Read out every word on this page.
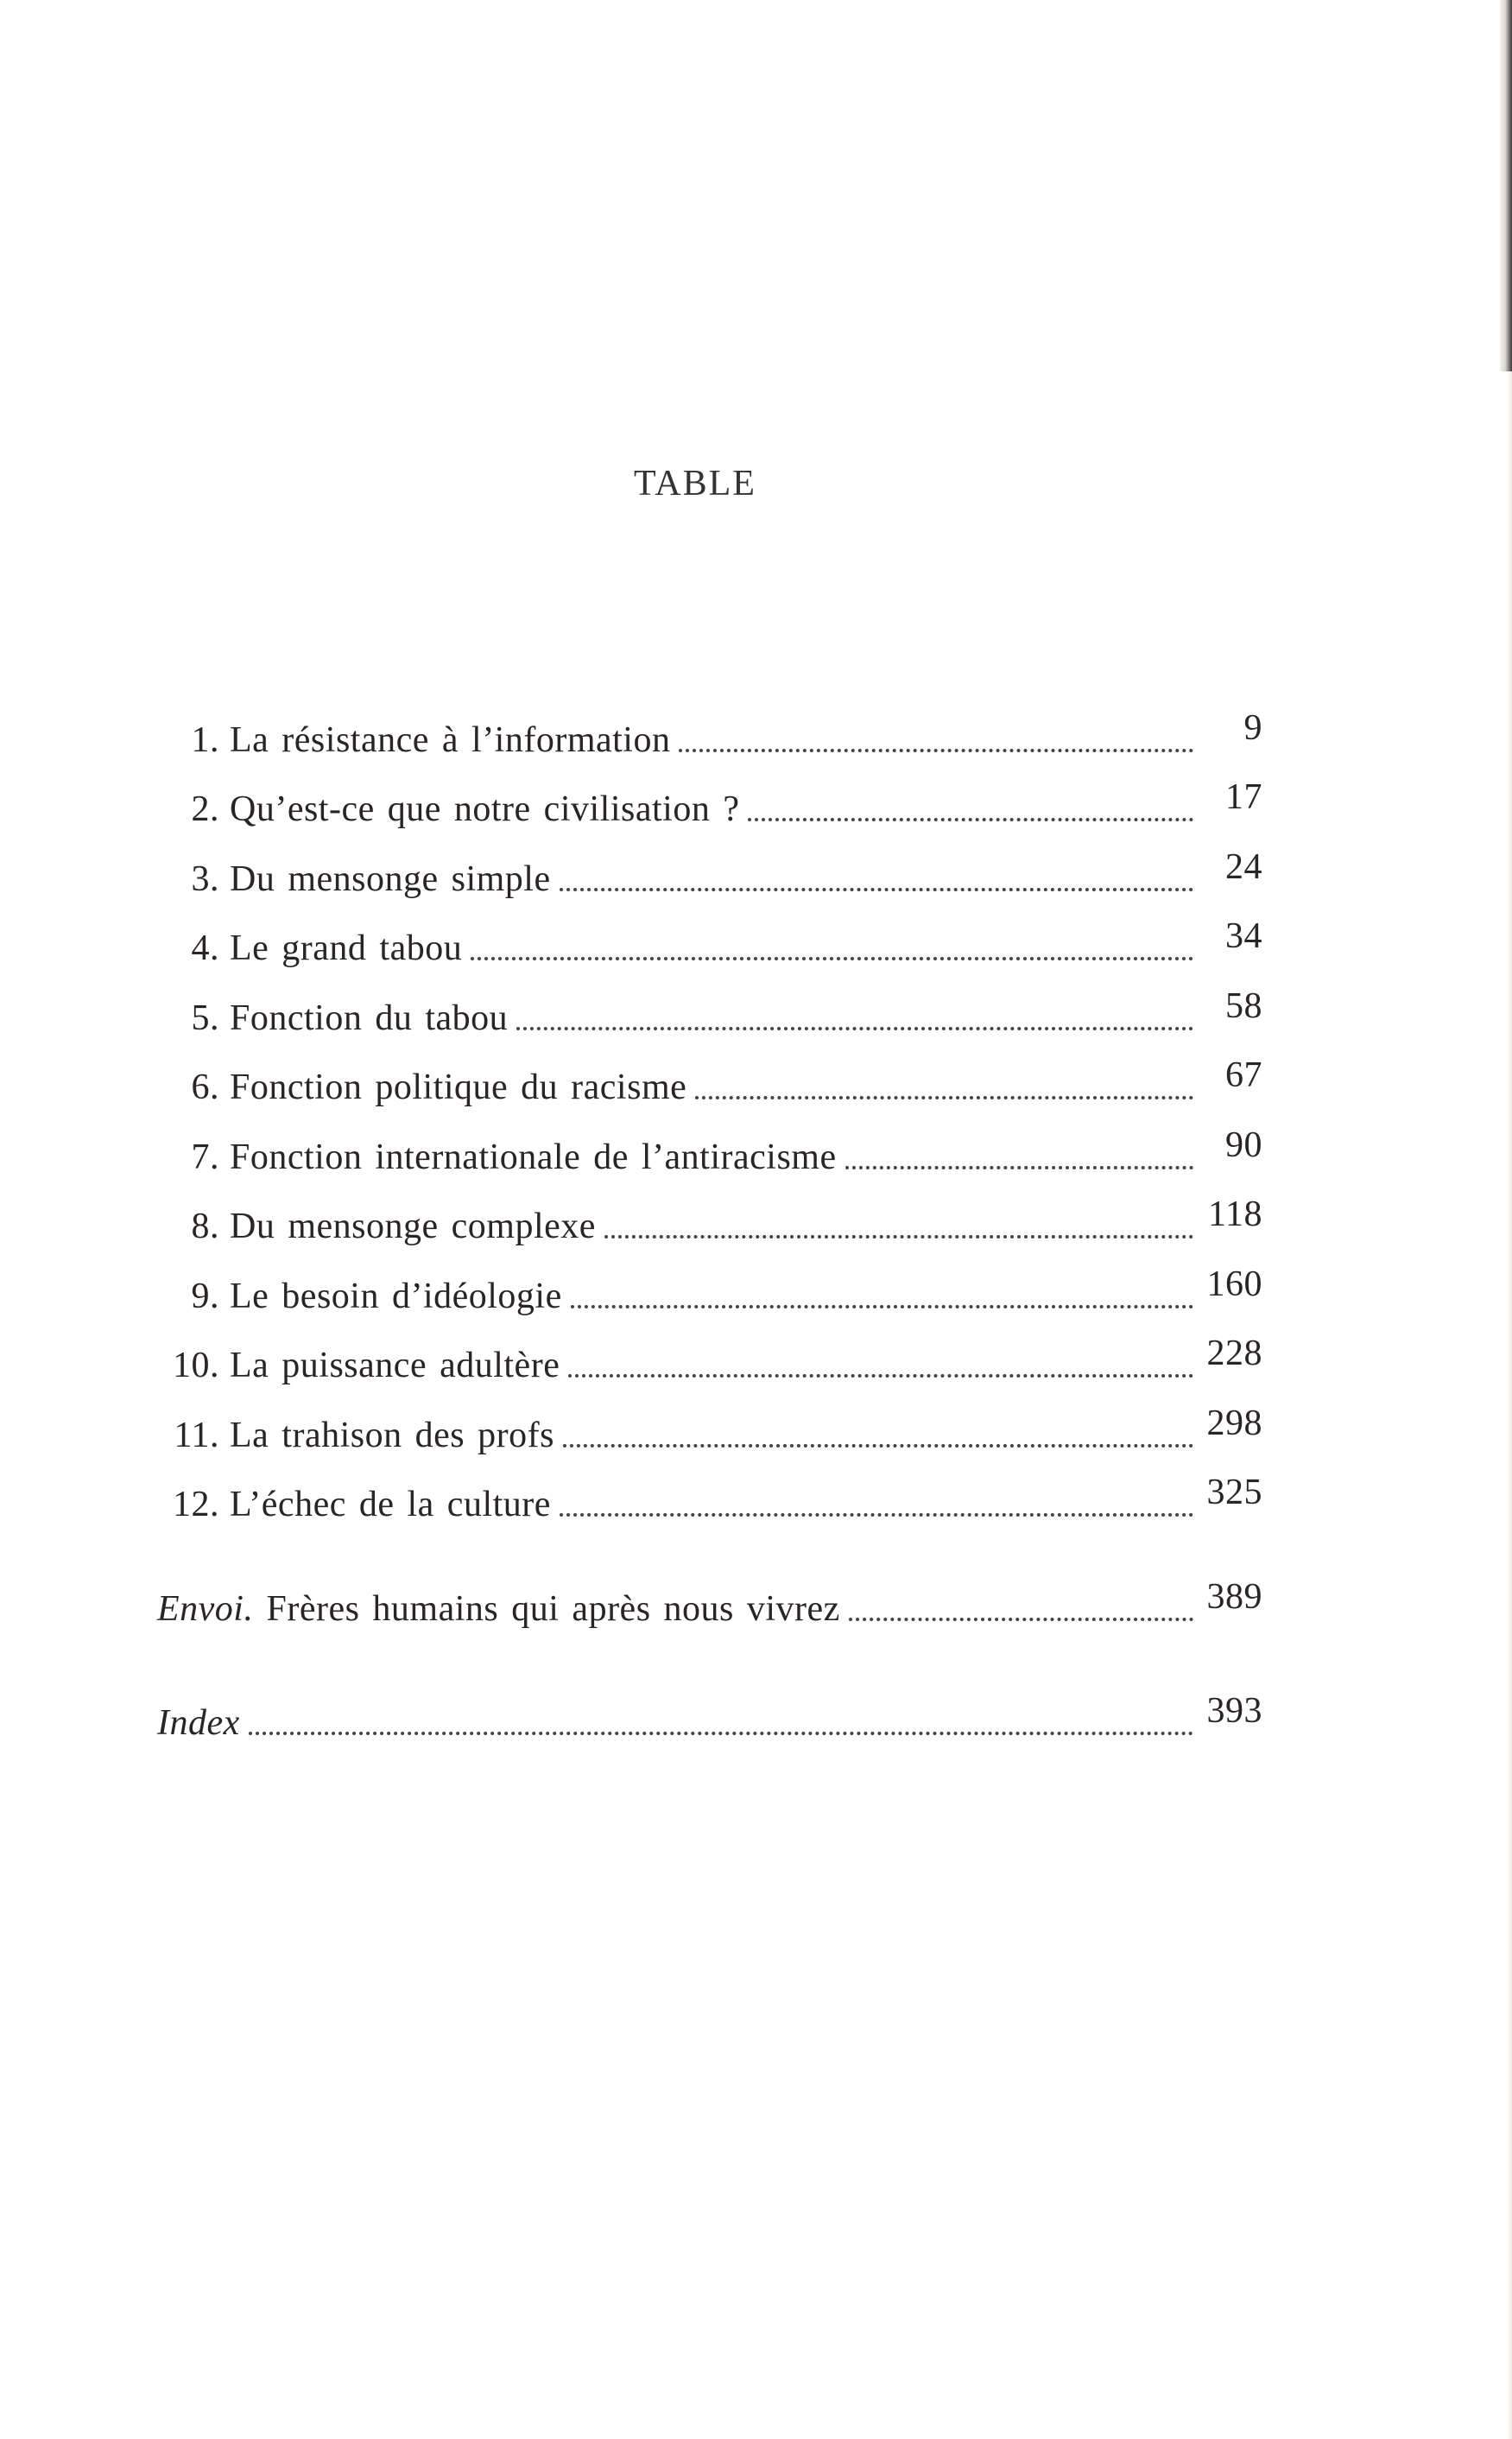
TABLE
1. La résistance à l’information	9
2. Qu’est-ce que notre civilisation ?	17
3. Du mensonge simple	24
4. Le grand tabou	34
5. Fonction du tabou	58
6. Fonction politique du racisme	67
7. Fonction internationale de l’antiracisme	90
8. Du mensonge complexe	118
9. Le besoin d’idéologie	160
10. La puissance adultère	228
11. La trahison des profs	298
12. L’échec de la culture	325
Envoi. Frères humains qui après nous vivrez	389
Index	393
